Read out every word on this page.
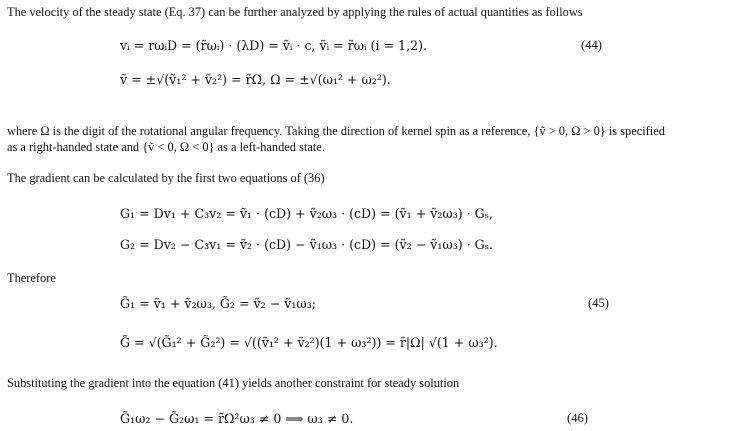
The velocity of the steady state (Eq. 37) can be further analyzed by applying the rules of actual quantities as follows
vᵢ = rωᵢD = (r̃ωᵢ) · (λD) = ṽᵢ · c, ṽᵢ = r̃ωᵢ (i = 1,2).	(44)
ṽ = ±√(ṽ₁² + ṽ₂²) = r̃Ω, Ω = ±√(ω₁² + ω₂²).
where Ω is the digit of the rotational angular frequency. Taking the direction of kernel spin as a reference, {ṽ > 0, Ω > 0} is specified
as a right-handed state and {ṽ < 0, Ω < 0} as a left-handed state.
The gradient can be calculated by the first two equations of (36)
G₁ = Dv₁ + C₃v₂ = ṽ₁ · (cD) + ṽ₂ω₃ · (cD) = (ṽ₁ + ṽ₂ω₃) · Gₛ,
G₂ = Dv₂ − C₃v₁ = ṽ₂ · (cD) − ṽ₁ω₃ · (cD) = (ṽ₂ − ṽ₁ω₃) · Gₛ.
Therefore
G̃₁ = ṽ₁ + ṽ₂ω₃, G̃₂ = ṽ₂ − ṽ₁ω₃;	(45)
G̃ = √(G̃₁² + G̃₂²) = √((ṽ₁² + ṽ₂²)(1 + ω₃²)) = r̃|Ω| √(1 + ω₃²).
Substituting the gradient into the equation (41) yields another constraint for steady solution
G̃₁ω₂ − G̃₂ω₁ = r̃Ω²ω₃ ≠ 0 ⟹ ω₃ ≠ 0.	(46)
